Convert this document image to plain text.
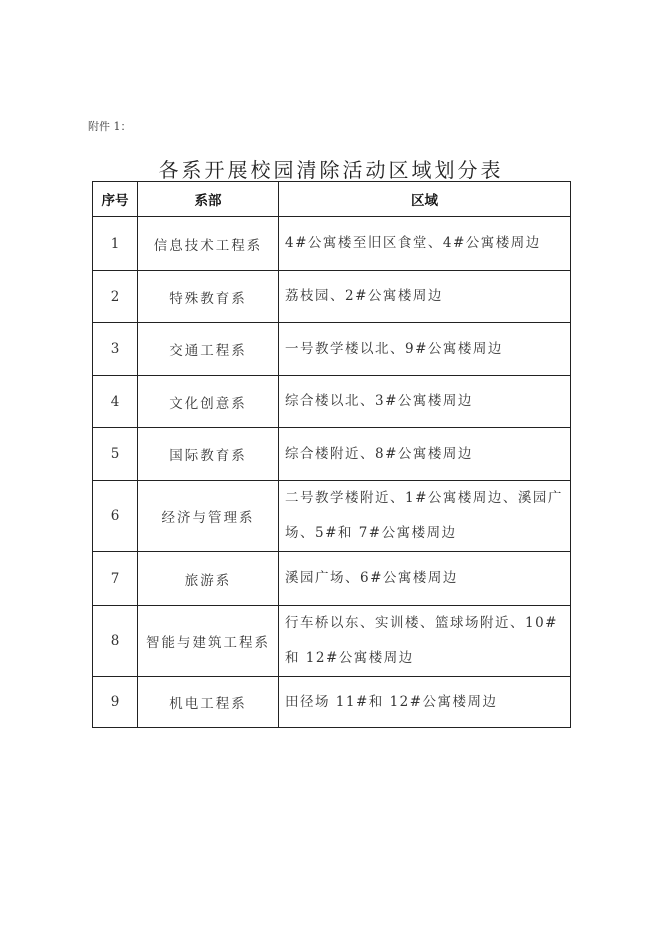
附件 1：
各系开展校园清除活动区域划分表
序号	系部	区域
1	信息技术工程系	4#公寓楼至旧区食堂、4#公寓楼周边
2	特殊教育系	荔枝园、2#公寓楼周边
3	交通工程系	一号教学楼以北、9#公寓楼周边
4	文化创意系	综合楼以北、3#公寓楼周边
5	国际教育系	综合楼附近、8#公寓楼周边
6	经济与管理系	二号教学楼附近、1#公寓楼周边、溪园广场、5#和 7#公寓楼周边
7	旅游系	溪园广场、6#公寓楼周边
8	智能与建筑工程系	行车桥以东、实训楼、篮球场附近、10#和 12#公寓楼周边
9	机电工程系	田径场 11#和 12#公寓楼周边
